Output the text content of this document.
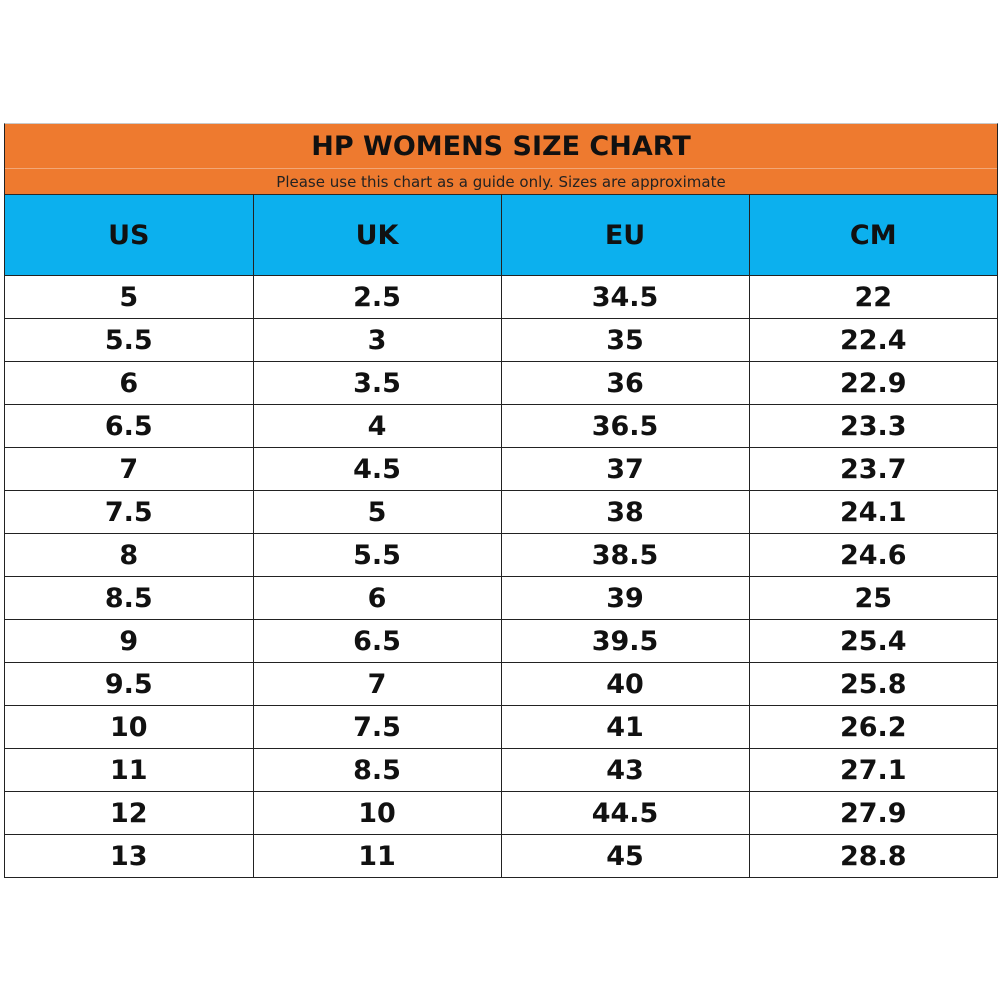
HP WOMENS SIZE CHART
Please use this chart as a guide only. Sizes are approximate
US	UK	EU	CM
5	2.5	34.5	22
5.5	3	35	22.4
6	3.5	36	22.9
6.5	4	36.5	23.3
7	4.5	37	23.7
7.5	5	38	24.1
8	5.5	38.5	24.6
8.5	6	39	25
9	6.5	39.5	25.4
9.5	7	40	25.8
10	7.5	41	26.2
11	8.5	43	27.1
12	10	44.5	27.9
13	11	45	28.8
